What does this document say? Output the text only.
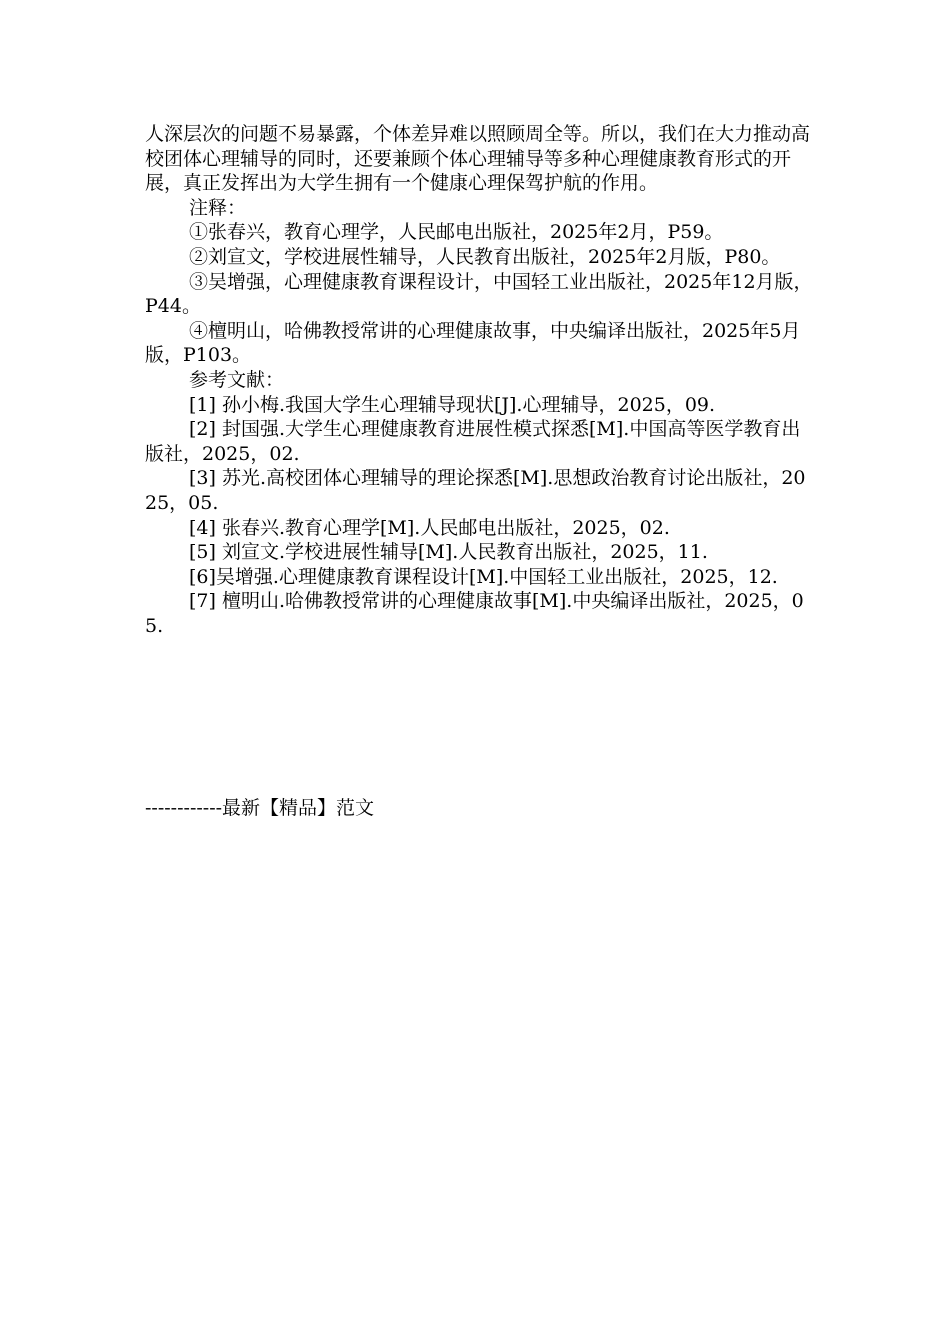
人深层次的问题不易暴露，个体差异难以照顾周全等。所以，我们在大力推动高校团体心理辅导的同时，还要兼顾个体心理辅导等多种心理健康教育形式的开展，真正发挥出为大学生拥有一个健康心理保驾护航的作用。

注释：

①张春兴，教育心理学，人民邮电出版社，2025年2月，P59。

②刘宣文，学校进展性辅导，人民教育出版社，2025年2月版，P80。

③吴增强，心理健康教育课程设计，中国轻工业出版社，2025年12月版，P44。

④檀明山，哈佛教授常讲的心理健康故事，中央编译出版社，2025年5月版，P103。

参考文献：

[1] 孙小梅.我国大学生心理辅导现状[J].心理辅导，2025，09.

[2] 封国强.大学生心理健康教育进展性模式探悉[M].中国高等医学教育出版社，2025，02.

[3] 苏光.高校团体心理辅导的理论探悉[M].思想政治教育讨论出版社，2025，05.

[4] 张春兴.教育心理学[M].人民邮电出版社，2025，02.

[5] 刘宣文.学校进展性辅导[M].人民教育出版社，2025，11.

[6]吴增强.心理健康教育课程设计[M].中国轻工业出版社，2025，12.

[7] 檀明山.哈佛教授常讲的心理健康故事[M].中央编译出版社，2025，05.

------------最新【精品】范文
